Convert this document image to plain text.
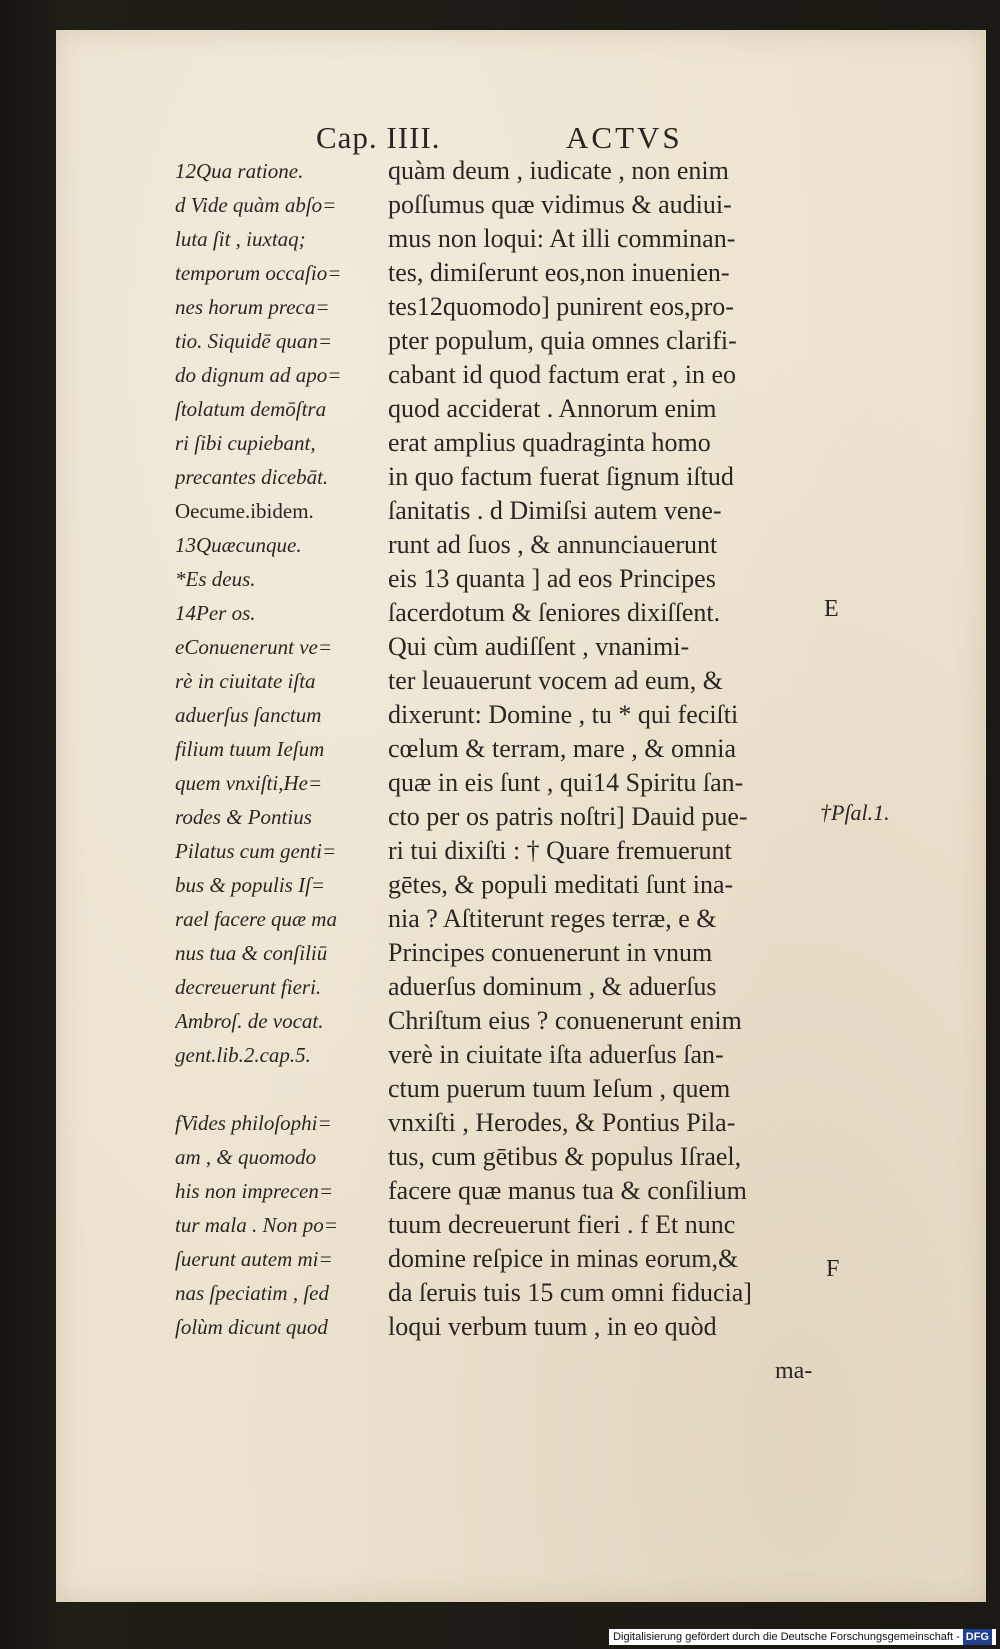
Cap. IIII.	ACTVS
12Qua ratione.
d Vide quàm abſo=
luta ſit , iuxtaq;
temporum occaſio=
nes horum preca=
tio. Siquidē quan=
do dignum ad apo=
ſtolatum demōſtra
ri ſibi cupiebant,
precantes dicebāt.
Oecume.ibidem.
13Quæcunque.
*Es deus.
14Per os.
eConuenerunt ve=
rè in ciuitate iſta
aduerſus ſanctum
filium tuum Ieſum
quem vnxiſti,He=
rodes & Pontius
Pilatus cum genti=
bus & populis Iſ=
rael facere quæ ma
nus tua & conſiliū
decreuerunt fieri.
Ambroſ. de vocat.
gent.lib.2.cap.5.
fVides philoſophi=
am , & quomodo
his non imprecen=
tur mala . Non po=
ſuerunt autem mi=
nas ſpeciatim , ſed
ſolùm dicunt quod
quàm deum , iudicate , non enim
poſſumus quæ vidimus & audiui-
mus non loqui: At illi comminan-
tes, dimiſerunt eos,non inuenien-
tes12quomodo] punirent eos,pro-
pter populum, quia omnes clarifi-
cabant id quod factum erat , in eo
quod acciderat . Annorum enim
erat amplius quadraginta homo
in quo factum fuerat ſignum iſtud
ſanitatis . d Dimiſsi autem vene-
runt ad ſuos , & annunciauerunt
eis 13 quanta ] ad eos Principes
ſacerdotum & ſeniores dixiſſent.
Qui cùm audiſſent , vnanimi-
ter leuauerunt vocem ad eum, &
dixerunt: Domine , tu * qui feciſti
cœlum & terram, mare , & omnia
quæ in eis ſunt , qui14 Spiritu ſan-
cto per os patris noſtri] Dauid pue-
ri tui dixiſti : † Quare fremuerunt
gētes, & populi meditati ſunt ina-
nia ? Aſtiterunt reges terræ, e &
Principes conuenerunt in vnum
aduerſus dominum , & aduerſus
Chriſtum eius ? conuenerunt enim
verè in ciuitate iſta aduerſus ſan-
ctum puerum tuum Ieſum , quem
vnxiſti , Herodes, & Pontius Pila-
tus, cum gētibus & populus Iſrael,
facere quæ manus tua & conſilium
tuum decreuerunt fieri . f Et nunc
domine reſpice in minas eorum,&
da ſeruis tuis 15 cum omni fiducia]
loqui verbum tuum , in eo quòd
E
†Pſal.1.
F
ma-
Digitalisierung gefördert durch die Deutsche Forschungsgemeinschaft - DFG
